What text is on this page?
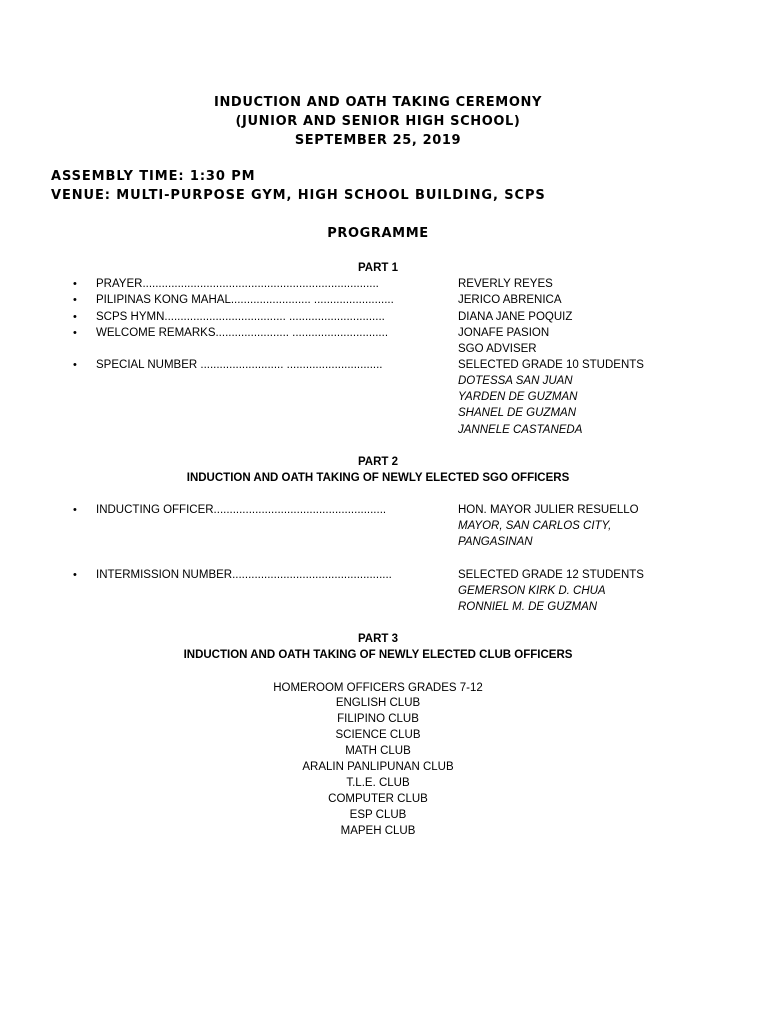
INDUCTION AND OATH TAKING CEREMONY
(JUNIOR AND SENIOR HIGH SCHOOL)
SEPTEMBER 25, 2019
ASSEMBLY TIME: 1:30 PM
VENUE: MULTI-PURPOSE GYM, HIGH SCHOOL BUILDING, SCPS
PROGRAMME
PART 1
• PRAYER..........................................................................	REVERLY REYES
• PILIPINAS KONG MAHAL......................... .........................	JERICO ABRENICA
• SCPS HYMN...................................... ..............................	DIANA JANE POQUIZ
• WELCOME REMARKS....................... ..............................	JONAFE PASION
SGO ADVISER
• SPECIAL NUMBER .......................... ..............................	SELECTED GRADE 10 STUDENTS
DOTESSA SAN JUAN
YARDEN DE GUZMAN
SHANEL DE GUZMAN
JANNELE CASTANEDA
PART 2
INDUCTION AND OATH TAKING OF NEWLY ELECTED SGO OFFICERS
• INDUCTING OFFICER......................................................	HON. MAYOR JULIER RESUELLO
MAYOR, SAN CARLOS CITY,
PANGASINAN
• INTERMISSION NUMBER..................................................	SELECTED GRADE 12 STUDENTS
GEMERSON KIRK D. CHUA
RONNIEL M. DE GUZMAN
PART 3
INDUCTION AND OATH TAKING OF NEWLY ELECTED CLUB OFFICERS
HOMEROOM OFFICERS GRADES 7-12
ENGLISH CLUB
FILIPINO CLUB
SCIENCE CLUB
MATH CLUB
ARALIN PANLIPUNAN CLUB
T.L.E. CLUB
COMPUTER CLUB
ESP CLUB
MAPEH CLUB
